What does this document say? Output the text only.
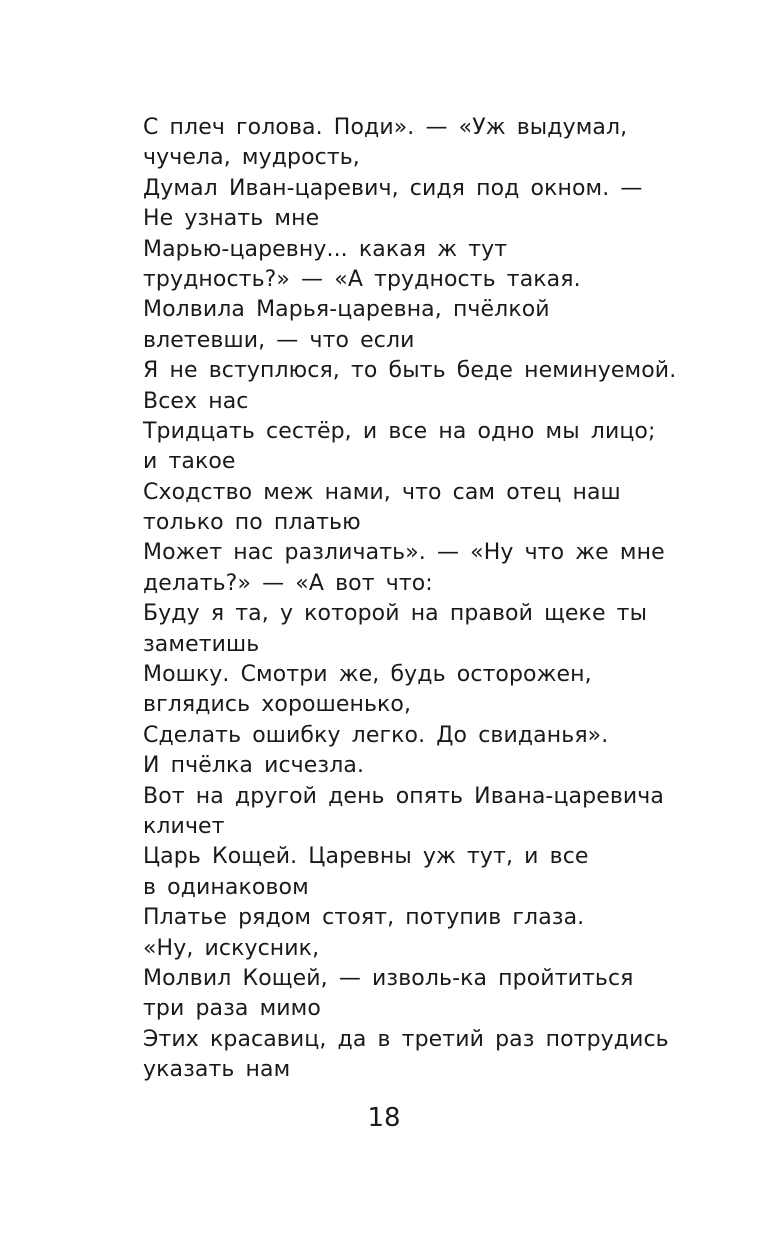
С плеч голова. Поди». — «Уж выдумал,
чучела, мудрость,
Думал Иван-царевич, сидя под окном. —
Не узнать мне
Марью-царевну... какая ж тут
трудность?» — «А трудность такая.
Молвила Марья-царевна, пчёлкой
влетевши, — что если
Я не вступлюся, то быть беде неминуемой.
Всех нас
Тридцать сестёр, и все на одно мы лицо;
и такое
Сходство меж нами, что сам отец наш
только по платью
Может нас различать». — «Ну что же мне
делать?» — «А вот что:
Буду я та, у которой на правой щеке ты
заметишь
Мошку. Смотри же, будь осторожен,
вглядись хорошенько,
Сделать ошибку легко. До свиданья».
И пчёлка исчезла.
Вот на другой день опять Ивана-царевича
кличет
Царь Кощей. Царевны уж тут, и все
в одинаковом
Платье рядом стоят, потупив глаза.
«Ну, искусник,
Молвил Кощей, — изволь-ка пройтиться
три раза мимо
Этих красавиц, да в третий раз потрудись
указать нам
18
